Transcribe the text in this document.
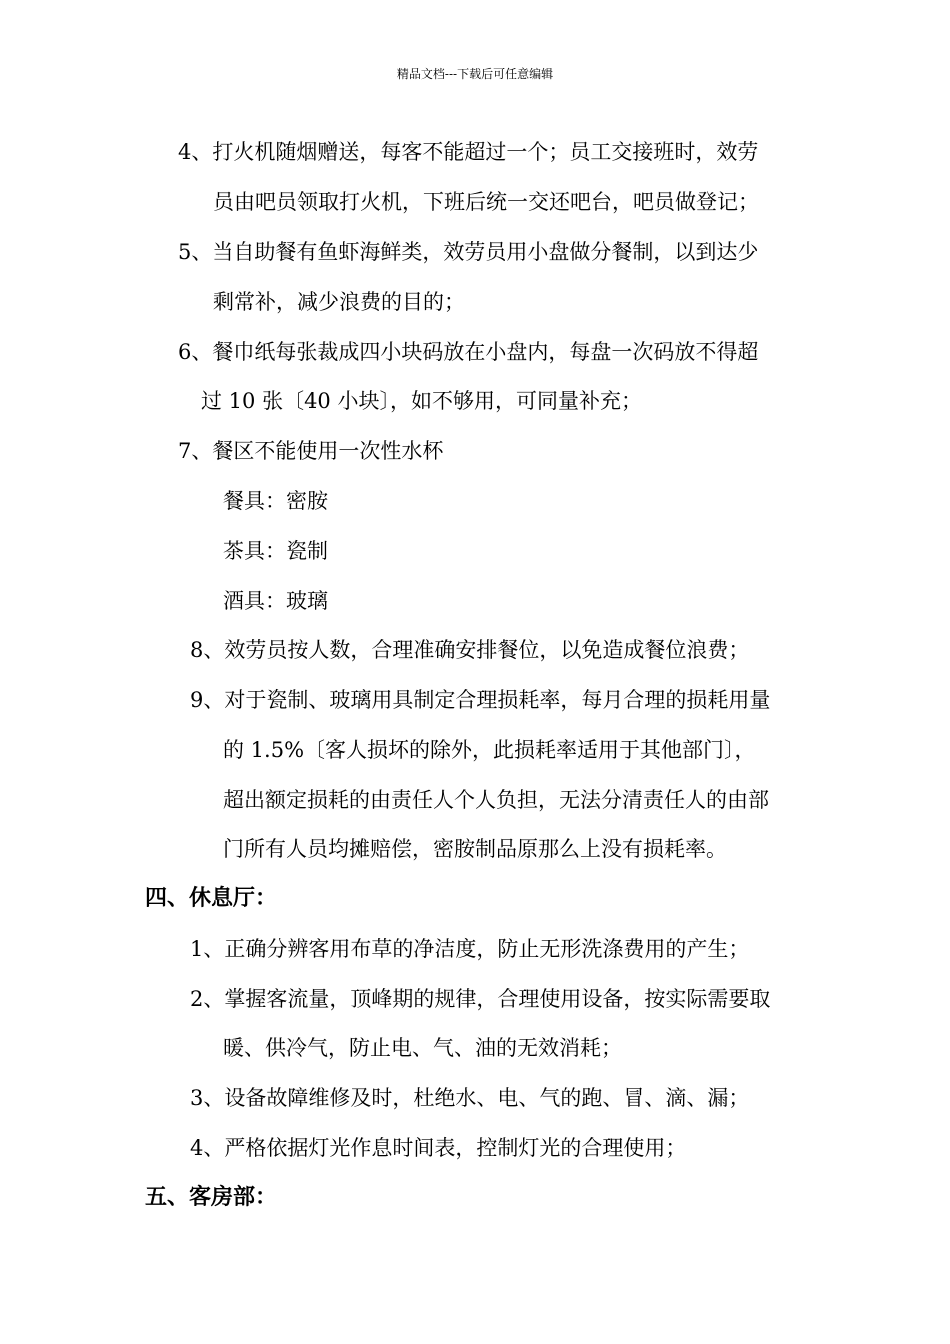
精品文档---下载后可任意编辑
4、打火机随烟赠送，每客不能超过一个；员工交接班时，效劳
员由吧员领取打火机，下班后统一交还吧台，吧员做登记；
5、当自助餐有鱼虾海鲜类，效劳员用小盘做分餐制，以到达少
剩常补，减少浪费的目的；
6、餐巾纸每张裁成四小块码放在小盘内，每盘一次码放不得超
过 10 张〔40 小块〕，如不够用，可同量补充；
7、餐区不能使用一次性水杯
餐具：密胺
茶具：瓷制
酒具：玻璃
8、效劳员按人数，合理准确安排餐位，以免造成餐位浪费；
9、对于瓷制、玻璃用具制定合理损耗率，每月合理的损耗用量
的 1.5%〔客人损坏的除外，此损耗率适用于其他部门〕，
超出额定损耗的由责任人个人负担，无法分清责任人的由部
门所有人员均摊赔偿，密胺制品原那么上没有损耗率。
四、休息厅：
1、正确分辨客用布草的净洁度，防止无形洗涤费用的产生；
2、掌握客流量，顶峰期的规律，合理使用设备，按实际需要取
暖、供冷气，防止电、气、油的无效消耗；
3、设备故障维修及时，杜绝水、电、气的跑、冒、滴、漏；
4、严格依据灯光作息时间表，控制灯光的合理使用；
五、客房部：
